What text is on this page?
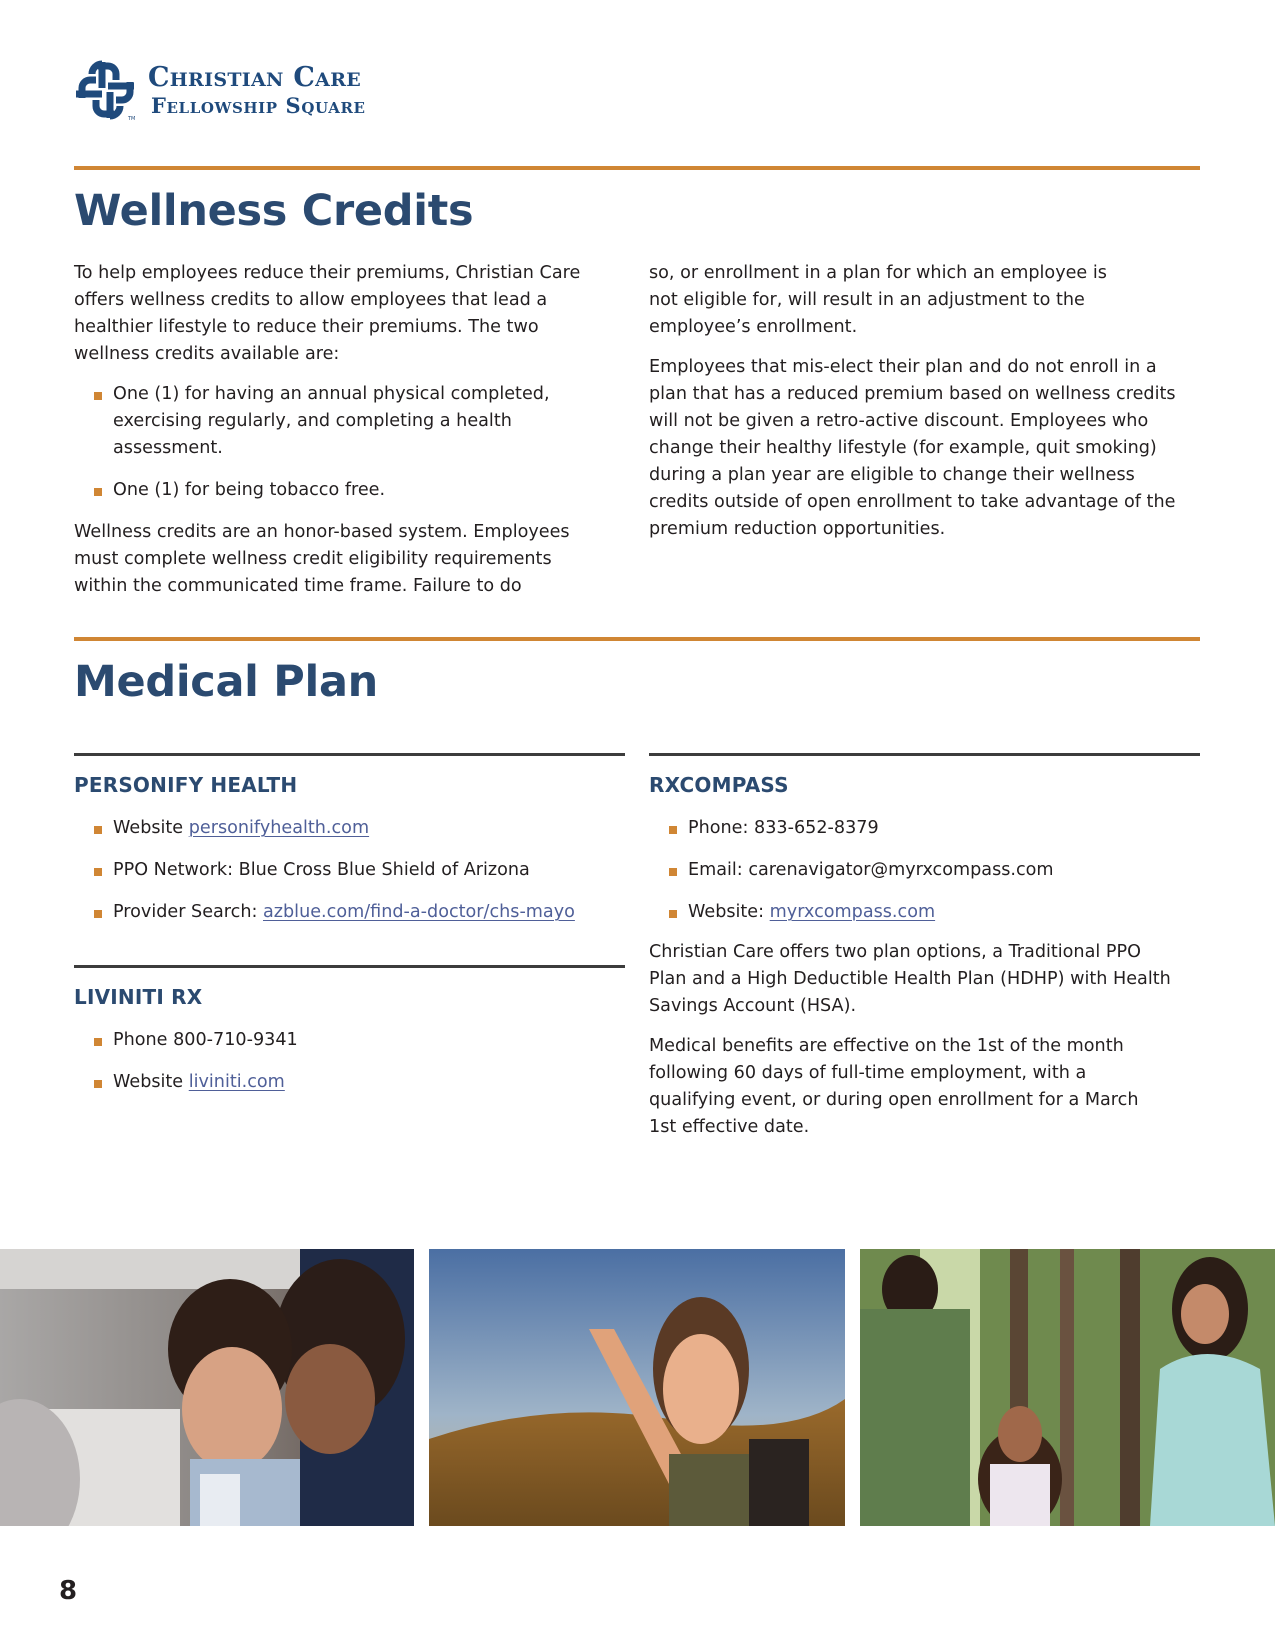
TM
Christian Care
Fellowship Square
Wellness Credits

To help employees reduce their premiums, Christian Care offers wellness credits to allow employees that lead a healthier lifestyle to reduce their premiums. The two wellness credits available are:

One (1) for having an annual physical completed, exercising regularly, and completing a health assessment.
One (1) for being tobacco free.

Wellness credits are an honor-based system. Employees must complete wellness credit eligibility requirements within the communicated time frame. Failure to do

so, or enrollment in a plan for which an employee is not eligible for, will result in an adjustment to the employee’s enrollment.

Employees that mis-elect their plan and do not enroll in a plan that has a reduced premium based on wellness credits will not be given a retro-active discount. Employees who change their healthy lifestyle (for example, quit smoking) during a plan year are eligible to change their wellness credits outside of open enrollment to take advantage of the premium reduction opportunities.

Medical Plan
PERSONIFY HEALTH
Website personifyhealth.com
PPO Network: Blue Cross Blue Shield of Arizona
Provider Search: azblue.com/find-a-doctor/chs-mayo
LIVINITI RX
Phone 800-710-9341
Website liviniti.com
RXCOMPASS
Phone: 833-652-8379
Email: carenavigator@myrxcompass.com
Website: myrxcompass.com

Christian Care offers two plan options, a Traditional PPO Plan and a High Deductible Health Plan (HDHP) with Health Savings Account (HSA).

Medical benefits are effective on the 1st of the month following 60 days of full-time employment, with a qualifying event, or during open enrollment for a March 1st effective date.

8
